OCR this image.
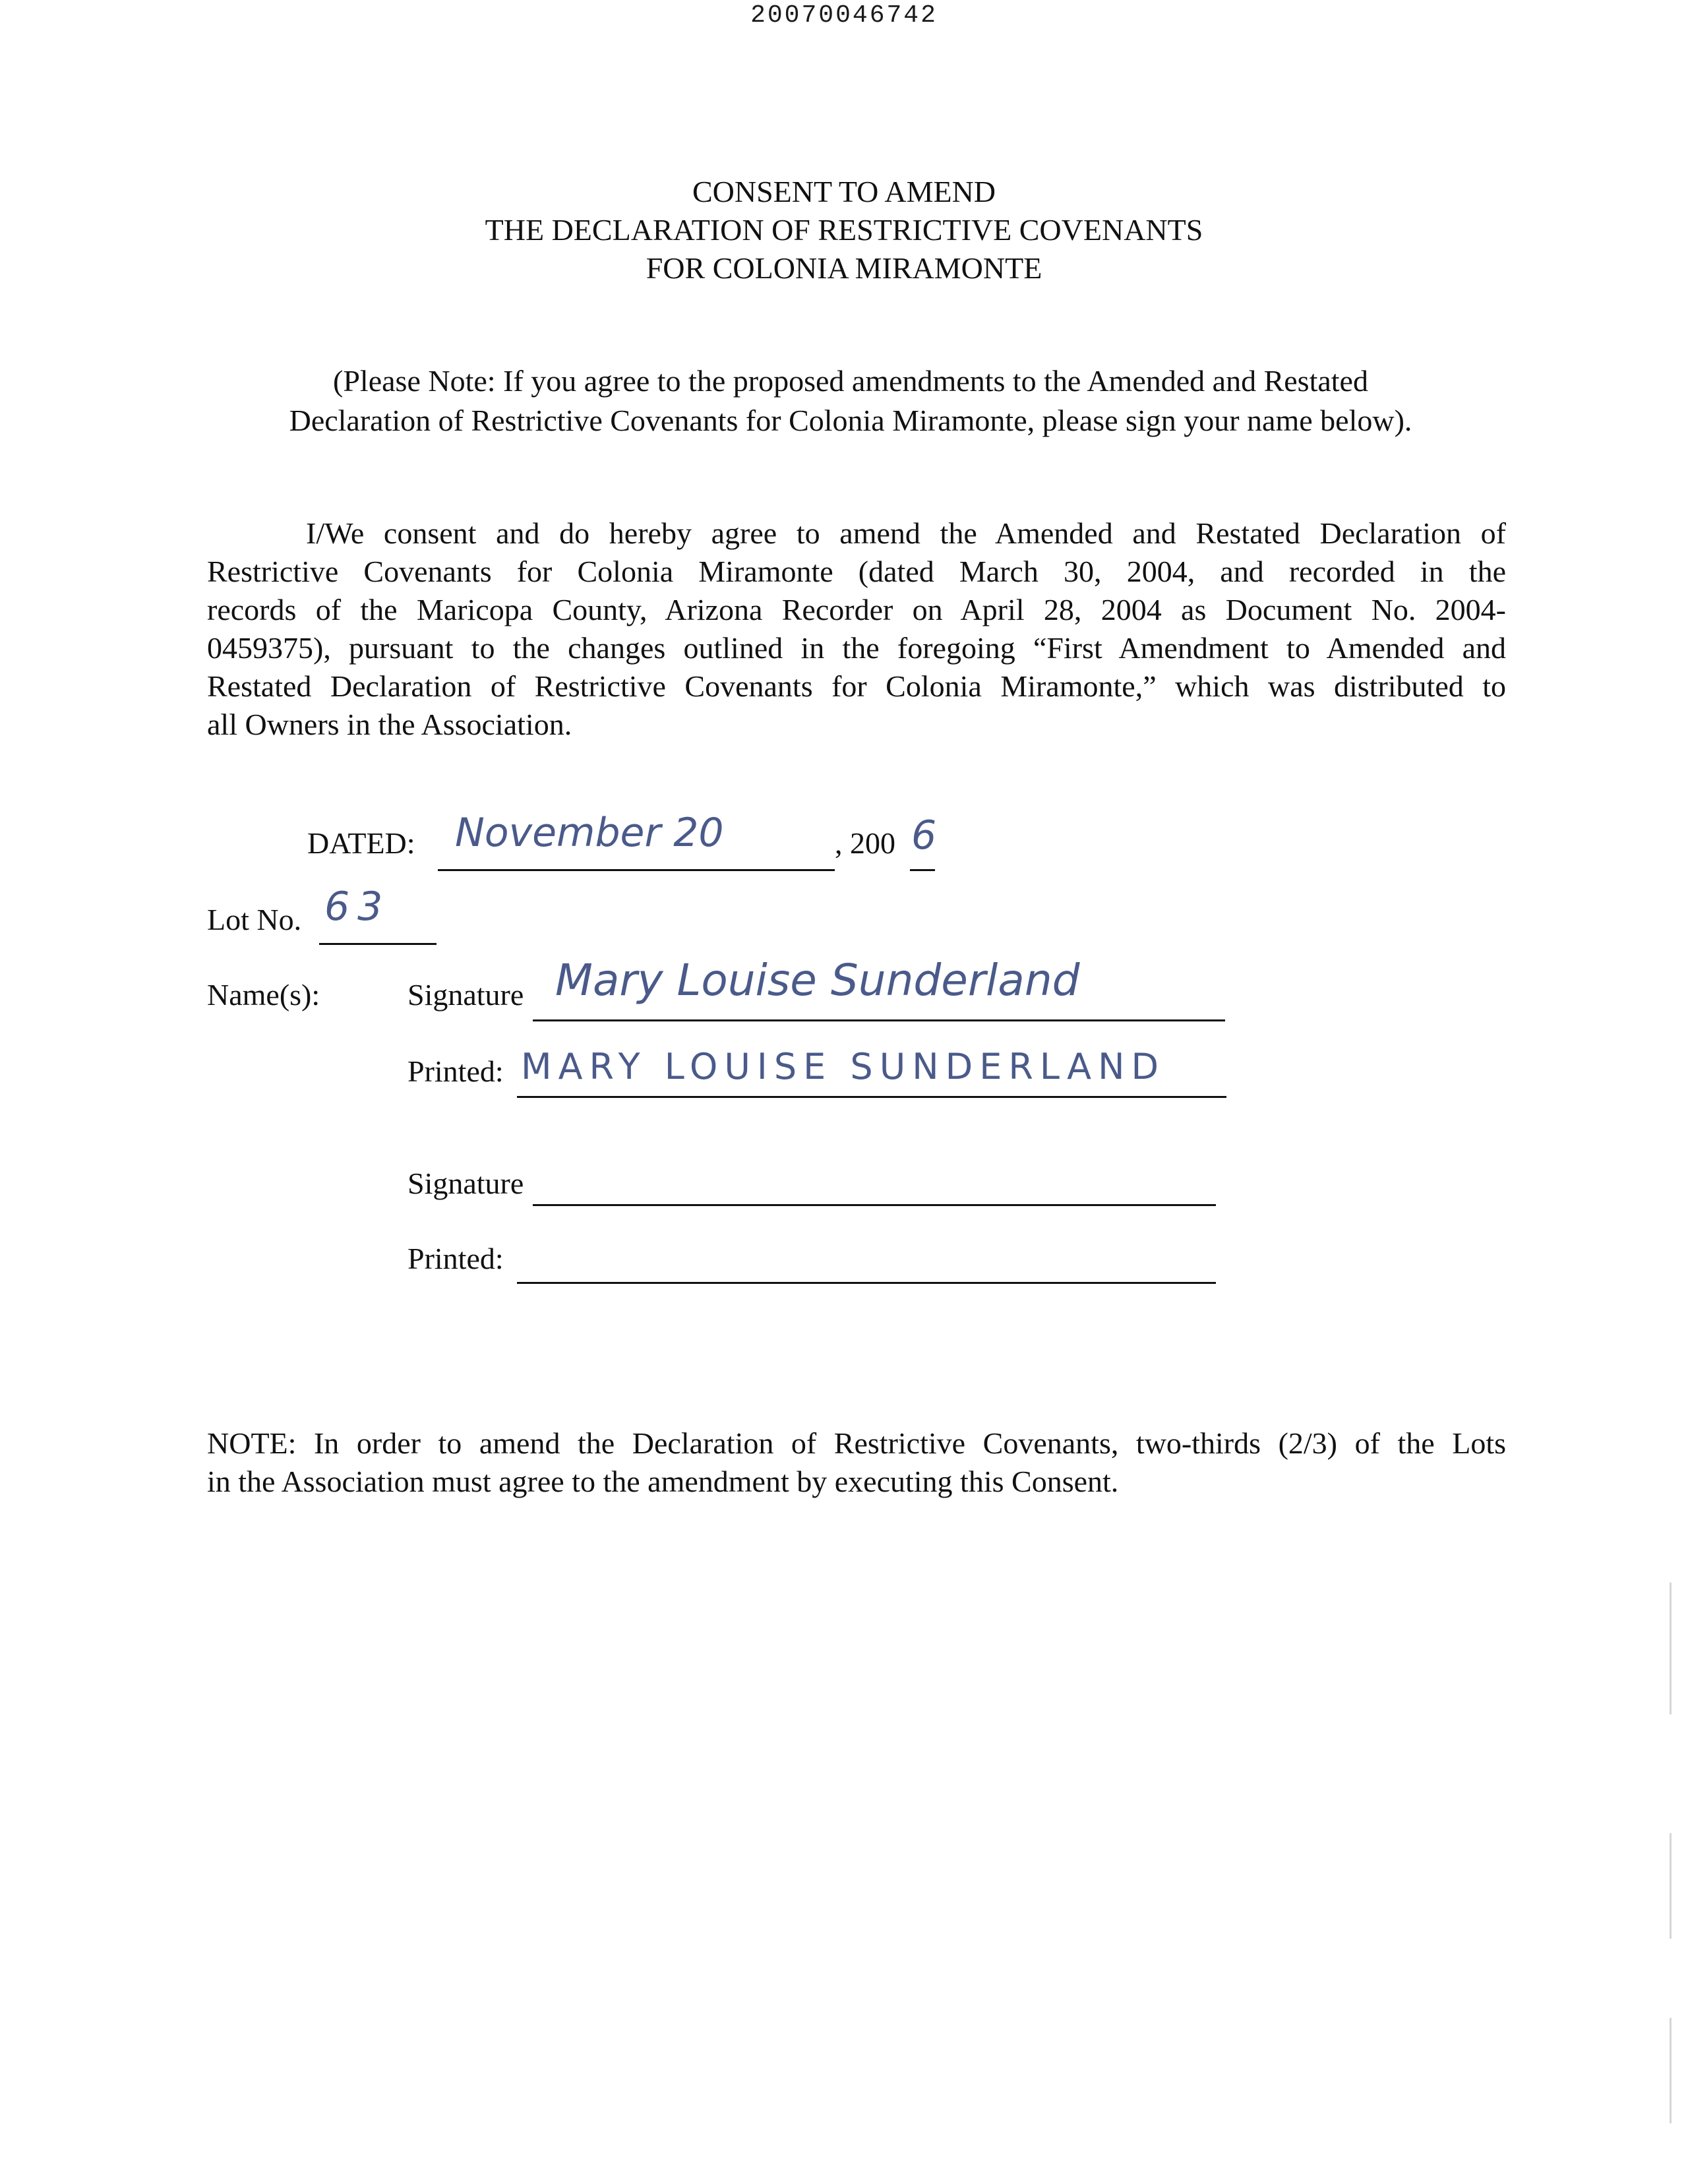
20070046742
CONSENT TO AMEND
THE DECLARATION OF RESTRICTIVE COVENANTS
FOR COLONIA MIRAMONTE
(Please Note: If you agree to the proposed amendments to the Amended and Restated
Declaration of Restrictive Covenants for Colonia Miramonte, please sign your name below).
I/We consent and do hereby agree to amend the Amended and Restated Declaration of
Restrictive Covenants for Colonia Miramonte (dated March 30, 2004, and recorded in the
records of the Maricopa County, Arizona Recorder on April 28, 2004 as Document No. 2004-
0459375), pursuant to the changes outlined in the foregoing “First Amendment to Amended and
Restated Declaration of Restrictive Covenants for Colonia Miramonte,” which was distributed to
all Owners in the Association.
DATED: November 20	, 200 6
Lot No. 63
Name(s):	Signature Mary Louise Sunderland
Printed: MARY LOUISE SUNDERLAND
Signature
Printed:
NOTE: In order to amend the Declaration of Restrictive Covenants, two-thirds (2/3) of the Lots
in the Association must agree to the amendment by executing this Consent.
